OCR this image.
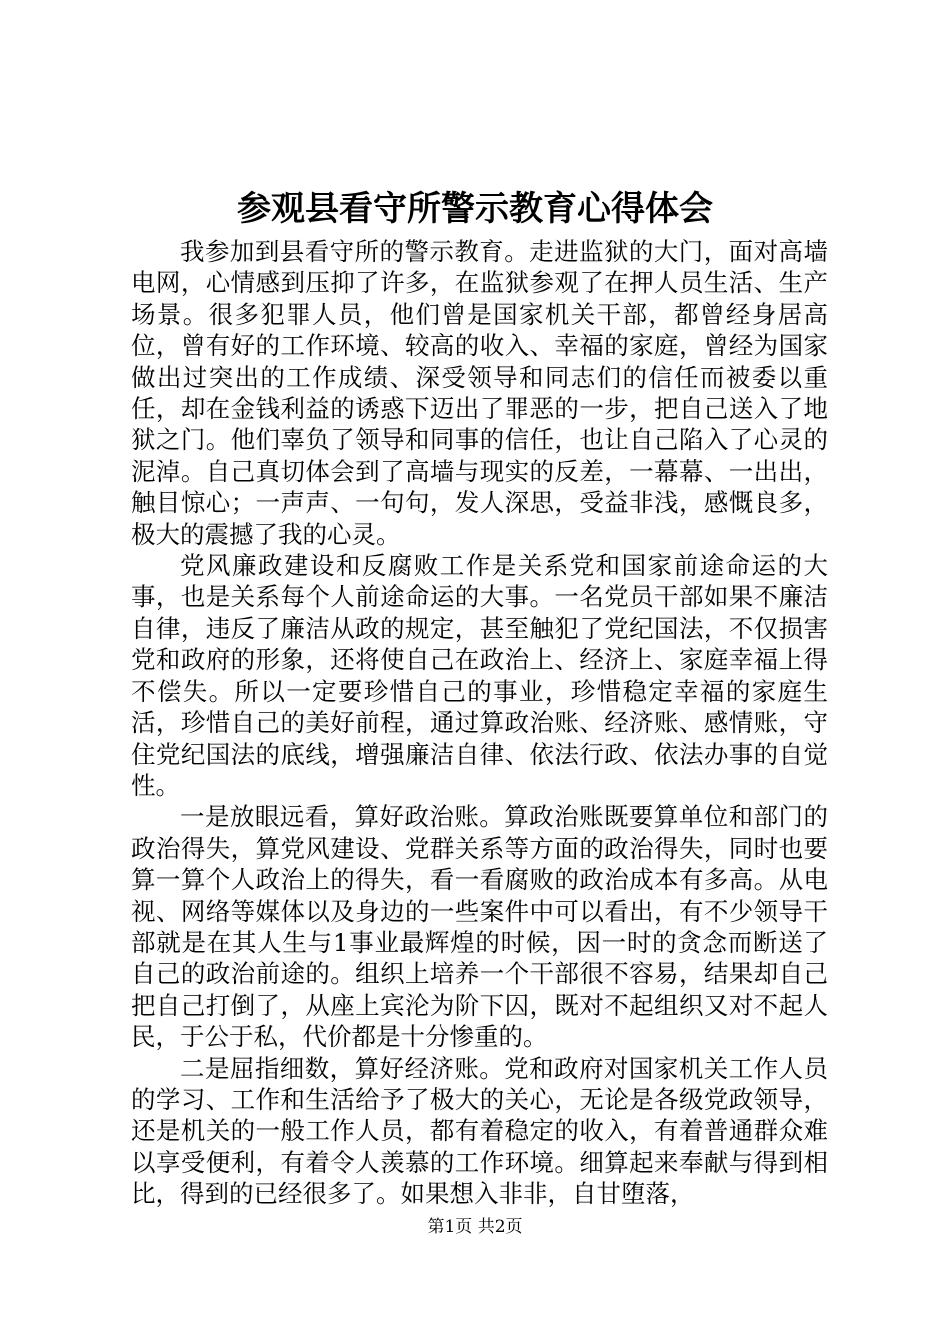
参观县看守所警示教育心得体会

我参加到县看守所的警示教育。走进监狱的大门，面对高墙电网，心情感到压抑了许多，在监狱参观了在押人员生活、生产场景。很多犯罪人员，他们曾是国家机关干部，都曾经身居高位，曾有好的工作环境、较高的收入、幸福的家庭，曾经为国家做出过突出的工作成绩、深受领导和同志们的信任而被委以重任，却在金钱利益的诱惑下迈出了罪恶的一步，把自己送入了地狱之门。他们辜负了领导和同事的信任，也让自己陷入了心灵的泥淖。自己真切体会到了高墙与现实的反差，一幕幕、一出出，触目惊心；一声声、一句句，发人深思，受益非浅，感慨良多，极大的震撼了我的心灵。

党风廉政建设和反腐败工作是关系党和国家前途命运的大事，也是关系每个人前途命运的大事。一名党员干部如果不廉洁自律，违反了廉洁从政的规定，甚至触犯了党纪国法，不仅损害党和政府的形象，还将使自己在政治上、经济上、家庭幸福上得不偿失。所以一定要珍惜自己的事业，珍惜稳定幸福的家庭生活，珍惜自己的美好前程，通过算政治账、经济账、感情账，守住党纪国法的底线，增强廉洁自律、依法行政、依法办事的自觉性。

一是放眼远看，算好政治账。算政治账既要算单位和部门的政治得失，算党风建设、党群关系等方面的政治得失，同时也要算一算个人政治上的得失，看一看腐败的政治成本有多高。从电视、网络等媒体以及身边的一些案件中可以看出，有不少领导干部就是在其人生与1事业最辉煌的时候，因一时的贪念而断送了自己的政治前途的。组织上培养一个干部很不容易，结果却自己把自己打倒了，从座上宾沦为阶下囚，既对不起组织又对不起人民，于公于私，代价都是十分惨重的。

二是屈指细数，算好经济账。党和政府对国家机关工作人员的学习、工作和生活给予了极大的关心，无论是各级党政领导，还是机关的一般工作人员，都有着稳定的收入，有着普通群众难以享受便利，有着令人羡慕的工作环境。细算起来奉献与得到相比，得到的已经很多了。如果想入非非，自甘堕落，

第1页 共2页
